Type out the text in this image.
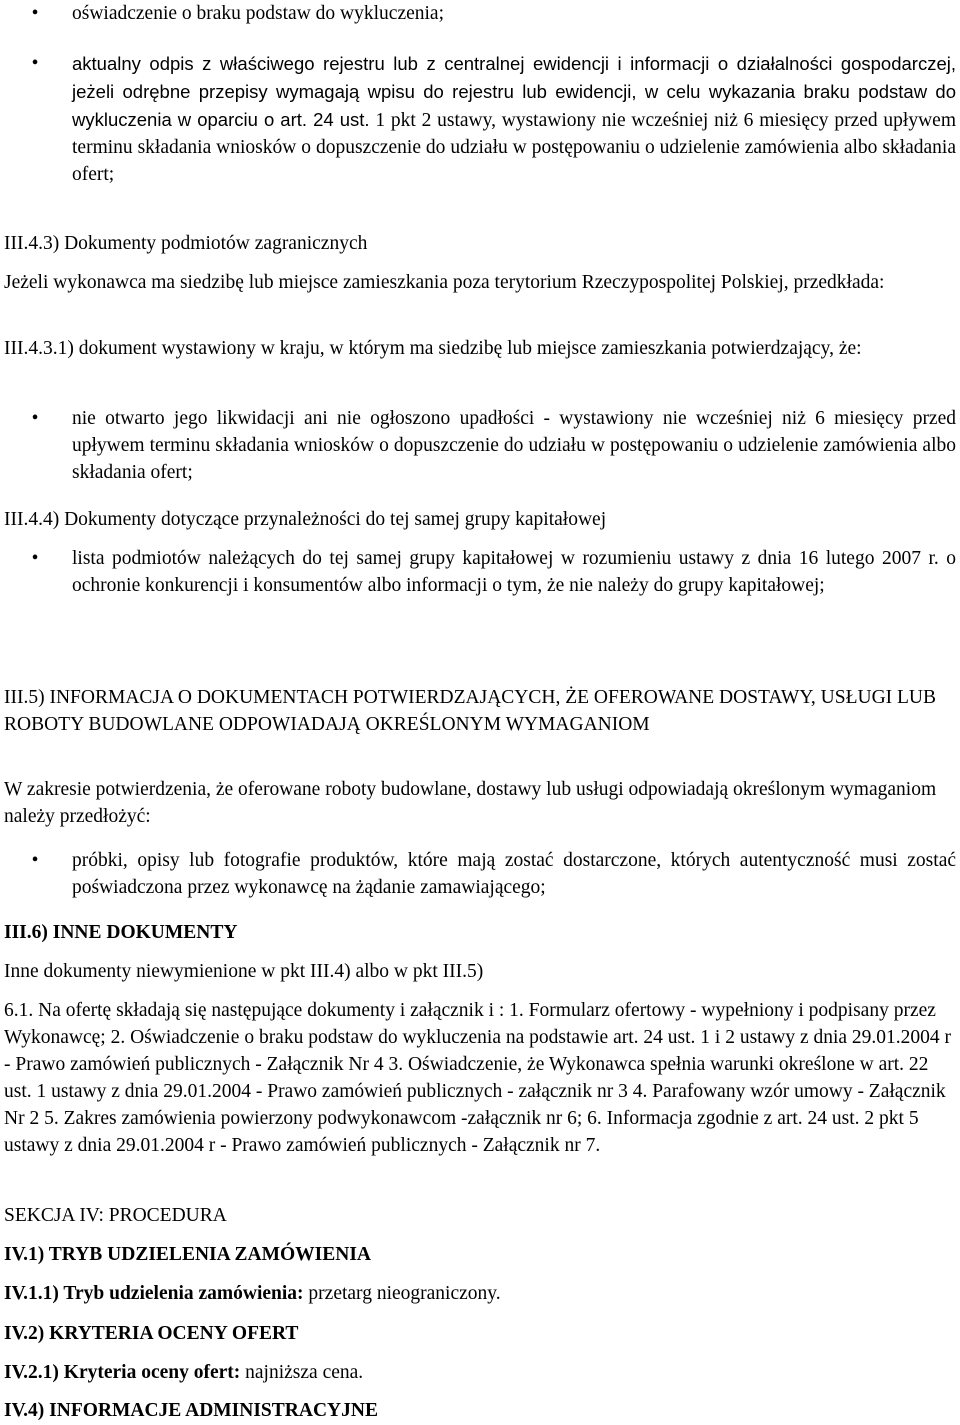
•	oświadczenie o braku podstaw do wykluczenia;

•	aktualny odpis z właściwego rejestru lub z centralnej ewidencji i informacji o działalności gospodarczej, jeżeli odrębne przepisy wymagają wpisu do rejestru lub ewidencji, w celu wykazania braku podstaw do wykluczenia w oparciu o art. 24 ust. 1 pkt 2 ustawy, wystawiony nie wcześniej niż 6 miesięcy przed upływem terminu składania wniosków o dopuszczenie do udziału w postępowaniu o udzielenie zamówienia albo składania ofert;

III.4.3) Dokumenty podmiotów zagranicznych

Jeżeli wykonawca ma siedzibę lub miejsce zamieszkania poza terytorium Rzeczypospolitej Polskiej, przedkłada:

III.4.3.1) dokument wystawiony w kraju, w którym ma siedzibę lub miejsce zamieszkania potwierdzający, że:

•	nie otwarto jego likwidacji ani nie ogłoszono upadłości - wystawiony nie wcześniej niż 6 miesięcy przed upływem terminu składania wniosków o dopuszczenie do udziału w postępowaniu o udzielenie zamówienia albo składania ofert;

III.4.4) Dokumenty dotyczące przynależności do tej samej grupy kapitałowej

•	lista podmiotów należących do tej samej grupy kapitałowej w rozumieniu ustawy z dnia 16 lutego 2007 r. o ochronie konkurencji i konsumentów albo informacji o tym, że nie należy do grupy kapitałowej;

III.5) INFORMACJA O DOKUMENTACH POTWIERDZAJĄCYCH, ŻE OFEROWANE DOSTAWY, USŁUGI LUB ROBOTY BUDOWLANE ODPOWIADAJĄ OKREŚLONYM WYMAGANIOM

W zakresie potwierdzenia, że oferowane roboty budowlane, dostawy lub usługi odpowiadają określonym wymaganiom należy przedłożyć:

•	próbki, opisy lub fotografie produktów, które mają zostać dostarczone, których autentyczność musi zostać poświadczona przez wykonawcę na żądanie zamawiającego;

III.6) INNE DOKUMENTY

Inne dokumenty niewymienione w pkt III.4) albo w pkt III.5)

6.1. Na ofertę składają się następujące dokumenty i załącznik i : 1. Formularz ofertowy - wypełniony i podpisany przez Wykonawcę; 2. Oświadczenie o braku podstaw do wykluczenia na podstawie art. 24 ust. 1 i 2 ustawy z dnia 29.01.2004 r - Prawo zamówień publicznych - Załącznik Nr 4 3. Oświadczenie, że Wykonawca spełnia warunki określone w art. 22 ust. 1 ustawy z dnia 29.01.2004 - Prawo zamówień publicznych - załącznik nr 3 4. Parafowany wzór umowy - Załącznik Nr 2 5. Zakres zamówienia powierzony podwykonawcom -załącznik nr 6; 6. Informacja zgodnie z art. 24 ust. 2 pkt 5 ustawy z dnia 29.01.2004 r - Prawo zamówień publicznych - Załącznik nr 7.

SEKCJA IV: PROCEDURA

IV.1) TRYB UDZIELENIA ZAMÓWIENIA

IV.1.1) Tryb udzielenia zamówienia: przetarg nieograniczony.

IV.2) KRYTERIA OCENY OFERT

IV.2.1) Kryteria oceny ofert: najniższa cena.

IV.4) INFORMACJE ADMINISTRACYJNE
